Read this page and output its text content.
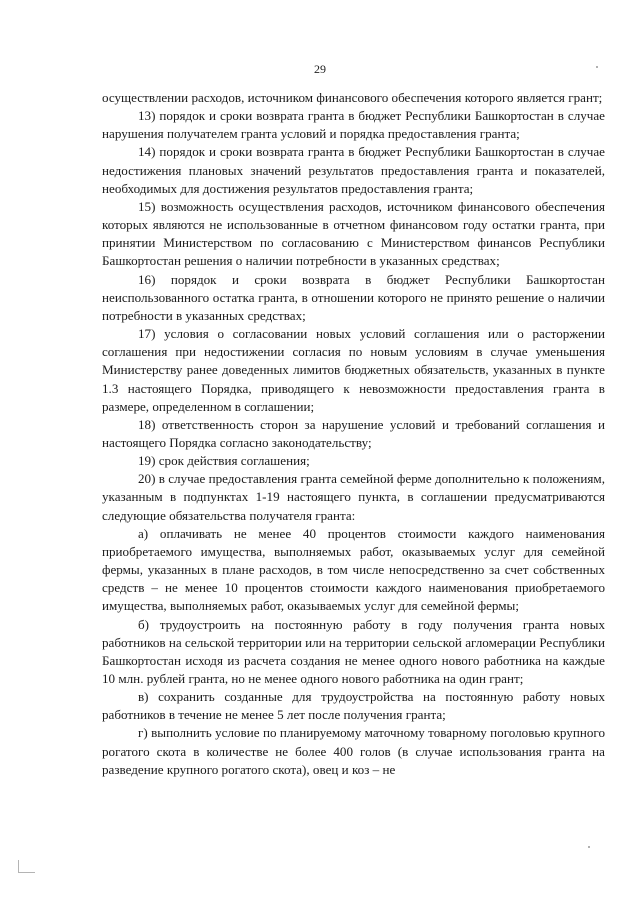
29

осуществлении расходов, источником финансового обеспечения которого является грант;

13) порядок и сроки возврата гранта в бюджет Республики Башкортостан в случае нарушения получателем гранта условий и порядка предоставления гранта;

14) порядок и сроки возврата гранта в бюджет Республики Башкортостан в случае недостижения плановых значений результатов предоставления гранта и показателей, необходимых для достижения результатов предоставления гранта;

15) возможность осуществления расходов, источником финансового обеспечения которых являются не использованные в отчетном финансовом году остатки гранта, при принятии Министерством по согласованию с Министерством финансов Республики Башкортостан решения о наличии потребности в указанных средствах;

16) порядок и сроки возврата в бюджет Республики Башкортостан неиспользованного остатка гранта, в отношении которого не принято решение о наличии потребности в указанных средствах;

17) условия о согласовании новых условий соглашения или о расторжении соглашения при недостижении согласия по новым условиям в случае уменьшения Министерству ранее доведенных лимитов бюджетных обязательств, указанных в пункте 1.3 настоящего Порядка, приводящего к невозможности предоставления гранта в размере, определенном в соглашении;

18) ответственность сторон за нарушение условий и требований соглашения и настоящего Порядка согласно законодательству;

19) срок действия соглашения;

20) в случае предоставления гранта семейной ферме дополнительно к положениям, указанным в подпунктах 1-19 настоящего пункта, в соглашении предусматриваются следующие обязательства получателя гранта:

а) оплачивать не менее 40 процентов стоимости каждого наименования приобретаемого имущества, выполняемых работ, оказываемых услуг для семейной фермы, указанных в плане расходов, в том числе непосредственно за счет собственных средств – не менее 10 процентов стоимости каждого наименования приобретаемого имущества, выполняемых работ, оказываемых услуг для семейной фермы;

б) трудоустроить на постоянную работу в году получения гранта новых работников на сельской территории или на территории сельской агломерации Республики Башкортостан исходя из расчета создания не менее одного нового работника на каждые 10 млн. рублей гранта, но не менее одного нового работника на один грант;

в) сохранить созданные для трудоустройства на постоянную работу новых работников в течение не менее 5 лет после получения гранта;

г) выполнить условие по планируемому маточному товарному поголовью крупного рогатого скота в количестве не более 400 голов (в случае использования гранта на разведение крупного рогатого скота), овец и коз – не
